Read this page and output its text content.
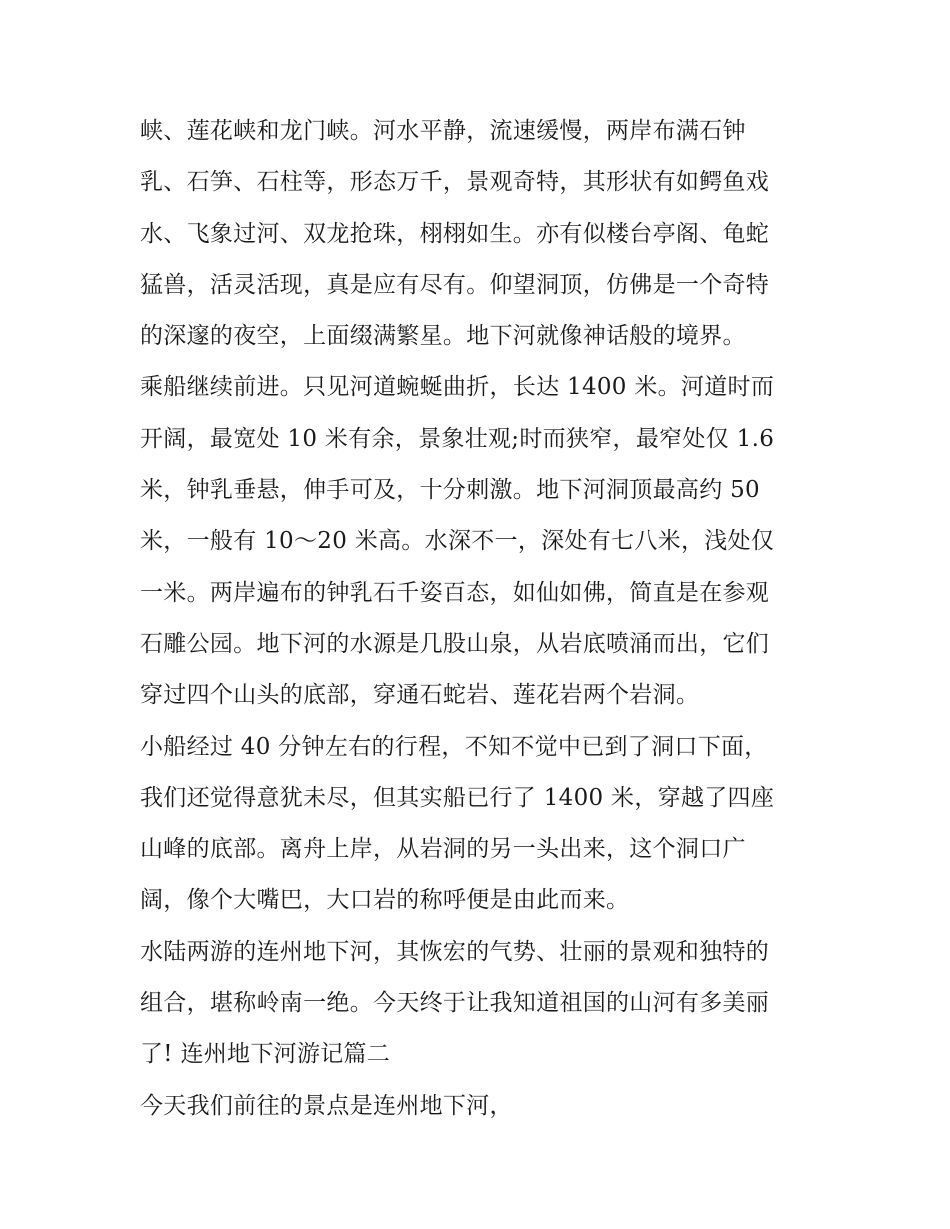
峡、莲花峡和龙门峡。河水平静，流速缓慢，两岸布满石钟
乳、石笋、石柱等，形态万千，景观奇特，其形状有如鳄鱼戏
水、飞象过河、双龙抢珠，栩栩如生。亦有似楼台亭阁、龟蛇
猛兽，活灵活现，真是应有尽有。仰望洞顶，仿佛是一个奇特
的深邃的夜空，上面缀满繁星。地下河就像神话般的境界。
乘船继续前进。只见河道蜿蜒曲折，长达 1400 米。河道时而
开阔，最宽处 10 米有余，景象壮观;时而狭窄，最窄处仅 1.6
米，钟乳垂悬，伸手可及，十分刺激。地下河洞顶最高约 50
米，一般有 10～20 米高。水深不一，深处有七八米，浅处仅
一米。两岸遍布的钟乳石千姿百态，如仙如佛，简直是在参观
石雕公园。地下河的水源是几股山泉，从岩底喷涌而出，它们
穿过四个山头的底部，穿通石蛇岩、莲花岩两个岩洞。
小船经过 40 分钟左右的行程，不知不觉中已到了洞口下面，
我们还觉得意犹未尽，但其实船已行了 1400 米，穿越了四座
山峰的底部。离舟上岸，从岩洞的另一头出来，这个洞口广
阔，像个大嘴巴，大口岩的称呼便是由此而来。
水陆两游的连州地下河，其恢宏的气势、壮丽的景观和独特的
组合，堪称岭南一绝。今天终于让我知道祖国的山河有多美丽
了! 连州地下河游记篇二
今天我们前往的景点是连州地下河，
